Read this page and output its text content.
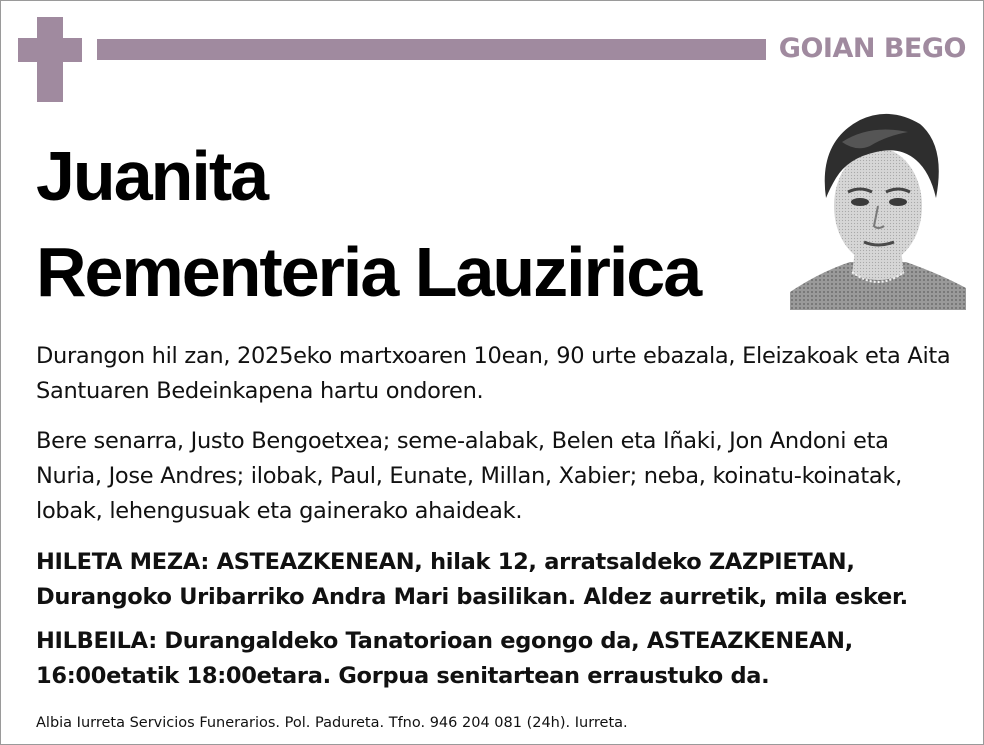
GOIAN BEGO
Juanita
Rementeria Lauzirica
Durangon hil zan, 2025eko martxoaren 10ean, 90 urte ebazala, Eleizakoak eta Aita Santuaren Bedeinkapena hartu ondoren.
Bere senarra, Justo Bengoetxea; seme-alabak, Belen eta Iñaki, Jon Andoni eta Nuria, Jose Andres; ilobak, Paul, Eunate, Millan, Xabier; neba, koinatu-koinatak, lobak, lehengusuak eta gainerako ahaideak.
HILETA MEZA: ASTEAZKENEAN, hilak 12, arratsaldeko ZAZPIETAN, Durangoko Uribarriko Andra Mari basilikan. Aldez aurretik, mila esker.
HILBEILA: Durangaldeko Tanatorioan egongo da, ASTEAZKENEAN, 16:00etatik 18:00etara. Gorpua senitartean erraustuko da.
Albia Iurreta Servicios Funerarios. Pol. Padureta. Tfno. 946 204 081 (24h). Iurreta.
